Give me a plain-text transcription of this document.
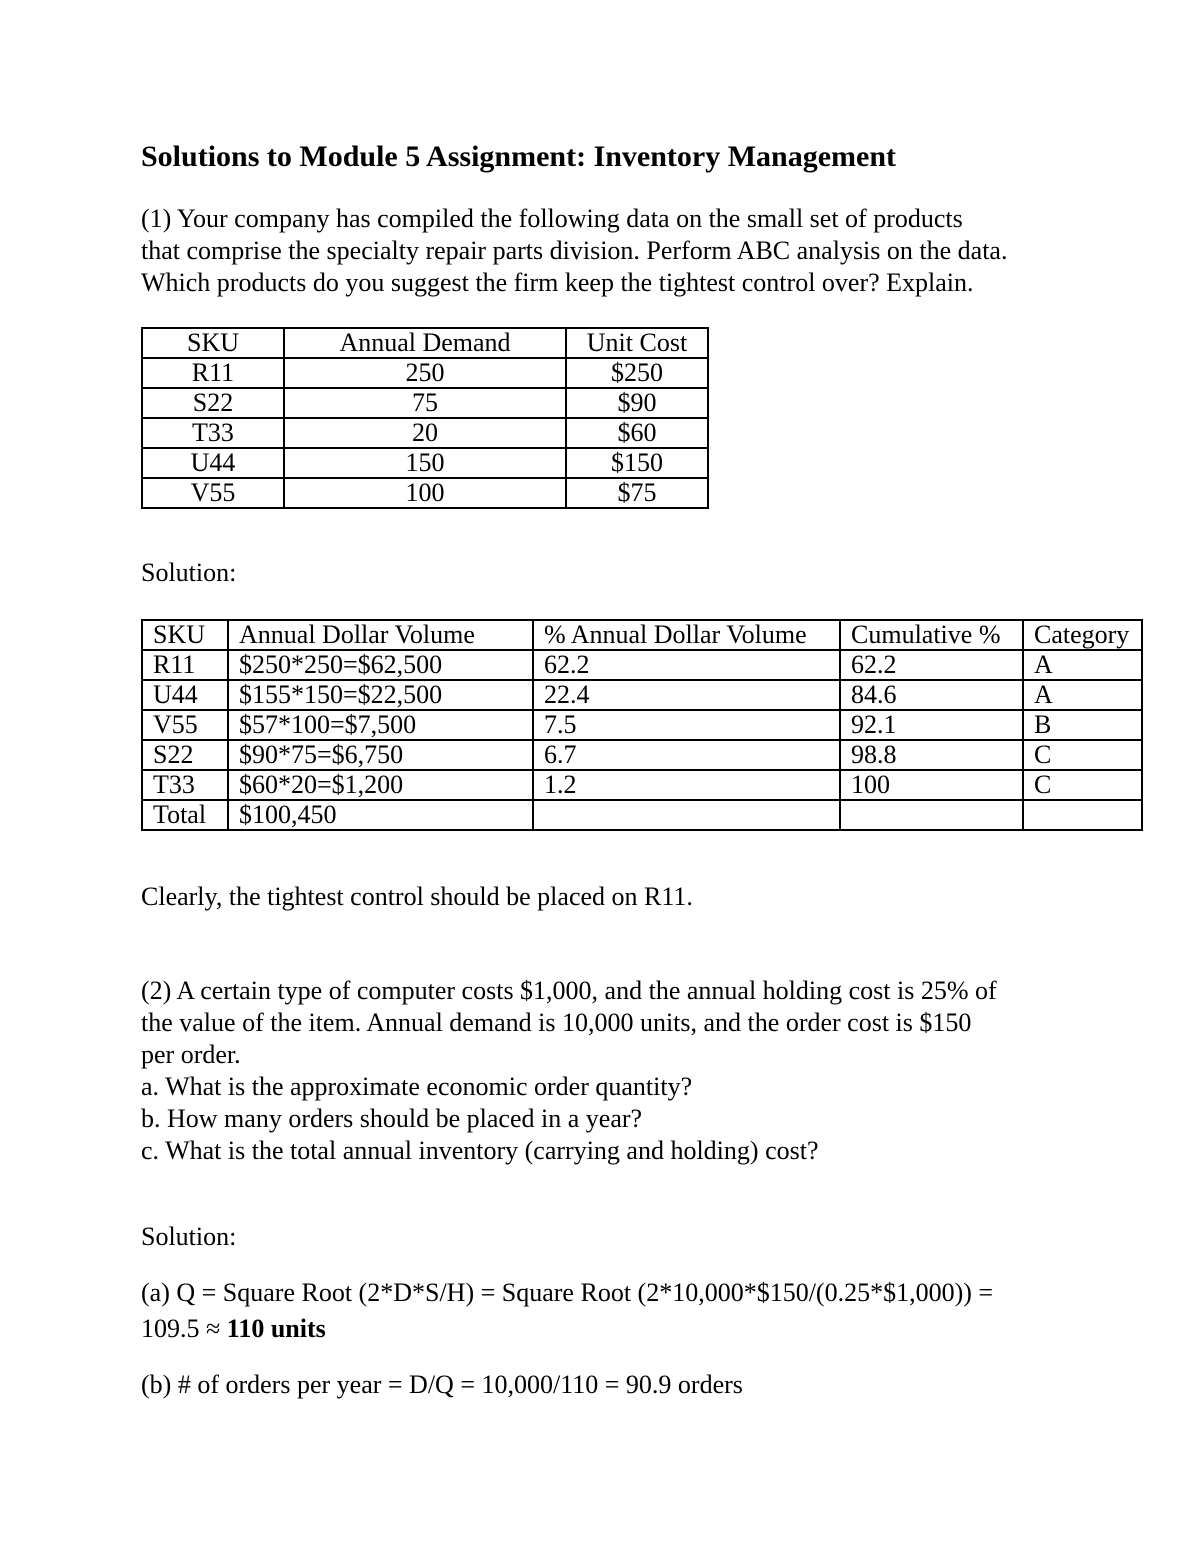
Solutions to Module 5 Assignment: Inventory Management
(1) Your company has compiled the following data on the small set of products
that comprise the specialty repair parts division. Perform ABC analysis on the data.
Which products do you suggest the firm keep the tightest control over? Explain.
SKU	Annual Demand	Unit Cost
R11	250	$250
S22	75	$90
T33	20	$60
U44	150	$150
V55	100	$75
Solution:
SKU	Annual Dollar Volume	% Annual Dollar Volume	Cumulative %	Category
R11	$250*250=$62,500	62.2	62.2	A
U44	$155*150=$22,500	22.4	84.6	A
V55	$57*100=$7,500	7.5	92.1	B
S22	$90*75=$6,750	6.7	98.8	C
T33	$60*20=$1,200	1.2	100	C
Total	$100,450			
Clearly, the tightest control should be placed on R11.
(2) A certain type of computer costs $1,000, and the annual holding cost is 25% of
the value of the item. Annual demand is 10,000 units, and the order cost is $150
per order.
a. What is the approximate economic order quantity?
b. How many orders should be placed in a year?
c. What is the total annual inventory (carrying and holding) cost?
Solution:
(a) Q = Square Root (2*D*S/H) = Square Root (2*10,000*$150/(0.25*$1,000)) =
109.5 ≈ 110 units
(b) # of orders per year = D/Q = 10,000/110 = 90.9 orders
